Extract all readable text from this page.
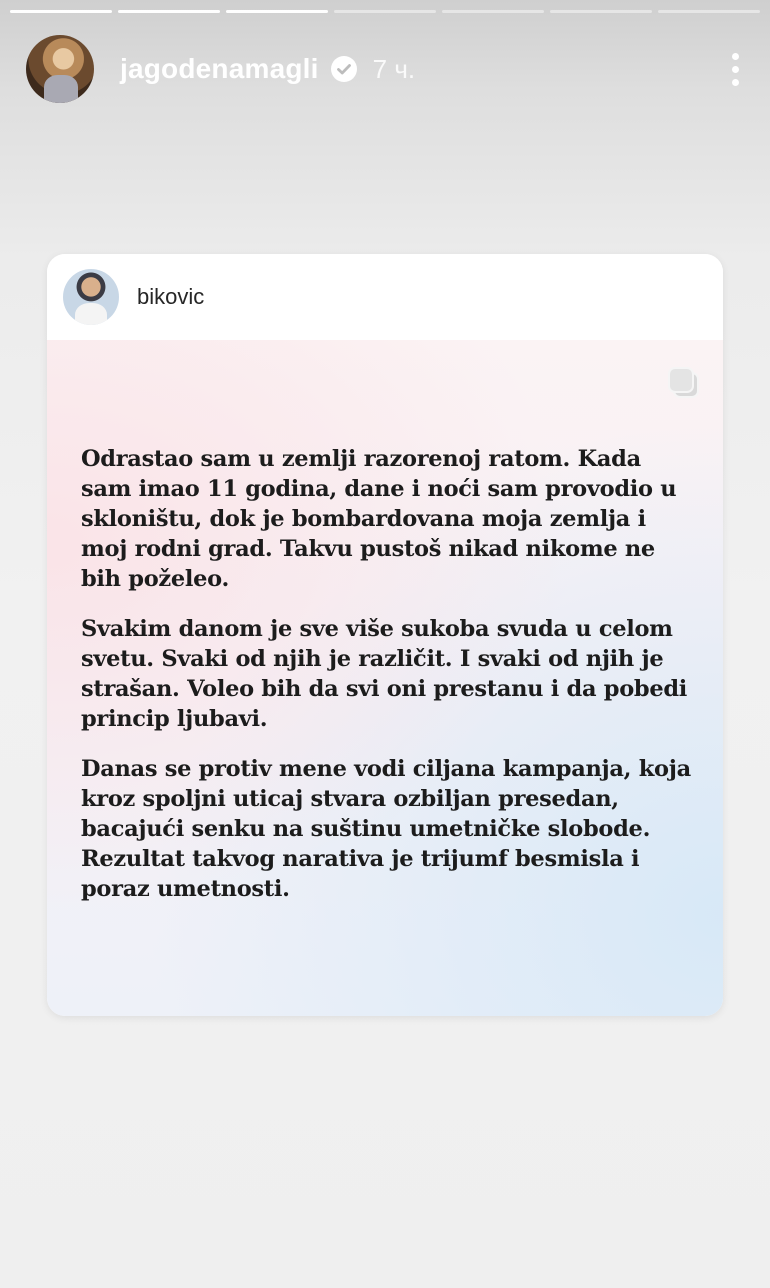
jagodenamagli 7 ч.
bikovic

Odrastao sam u zemlji razorenoj ratom. Kada sam imao 11 godina, dane i noći sam provodio u skloništu, dok je bombardovana moja zemlja i moj rodni grad. Takvu pustoš nikad nikome ne bih poželeo.

Svakim danom je sve više sukoba svuda u celom svetu. Svaki od njih je različit. I svaki od njih je strašan. Voleo bih da svi oni prestanu i da pobedi princip ljubavi.

Danas se protiv mene vodi ciljana kampanja, koja kroz spoljni uticaj stvara ozbiljan presedan, bacajući senku na suštinu umetničke slobode. Rezultat takvog narativa je trijumf besmisla i poraz umetnosti.
